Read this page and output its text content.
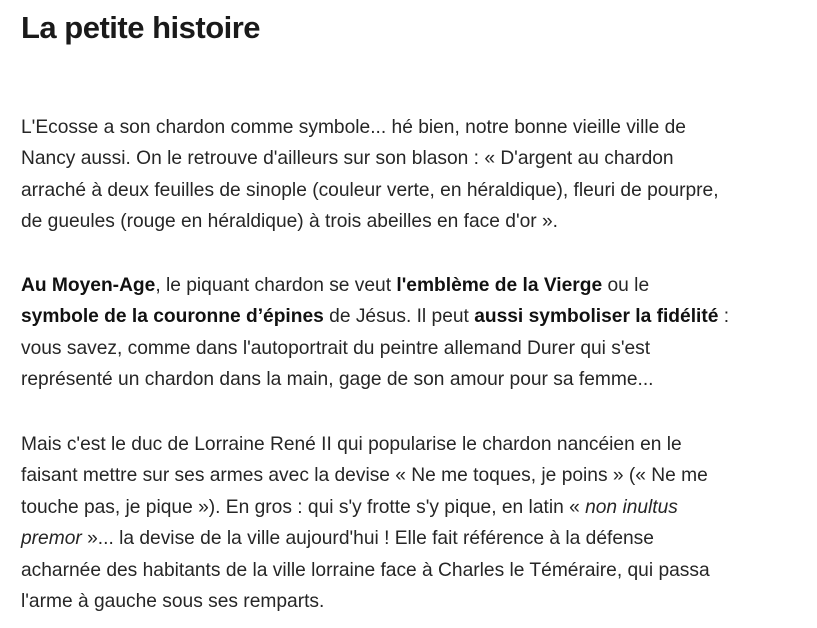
La petite histoire

L'Ecosse a son chardon comme symbole... hé bien, notre bonne vieille ville de
Nancy aussi. On le retrouve d'ailleurs sur son blason : « D'argent au chardon
arraché à deux feuilles de sinople (couleur verte, en héraldique), fleuri de pourpre,
de gueules (rouge en héraldique) à trois abeilles en face d'or ».

Au Moyen-Age, le piquant chardon se veut l'emblème de la Vierge ou le
symbole de la couronne d’épines de Jésus. Il peut aussi symboliser la fidélité :
vous savez, comme dans l'autoportrait du peintre allemand Durer qui s'est
représenté un chardon dans la main, gage de son amour pour sa femme...

Mais c'est le duc de Lorraine René II qui popularise le chardon nancéien en le
faisant mettre sur ses armes avec la devise « Ne me toques, je poins » (« Ne me
touche pas, je pique »). En gros : qui s'y frotte s'y pique, en latin « non inultus
premor »... la devise de la ville aujourd'hui ! Elle fait référence à la défense
acharnée des habitants de la ville lorraine face à Charles le Téméraire, qui passa
l'arme à gauche sous ses remparts.
